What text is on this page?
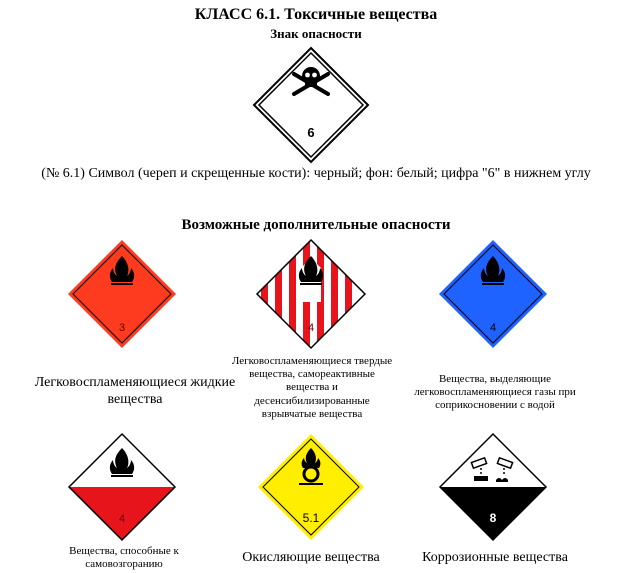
КЛАСС 6.1. Токсичные вещества
Знак опасности
6
(№ 6.1) Символ (череп и скрещенные кости): черный; фон: белый; цифра "6" в нижнем углу
Возможные дополнительные опасности
3	4	4
Легковоспламеняющиеся жидкие вещества
Легковоспламеняющиеся твердые вещества, самореактивные вещества и десенсибилизированные взрывчатые вещества
Вещества, выделяющие легковоспламеняющиеся газы при соприкосновении с водой
4	5.1	8
Вещества, способные к самовозгоранию	Окисляющие вещества	Коррозионные вещества
